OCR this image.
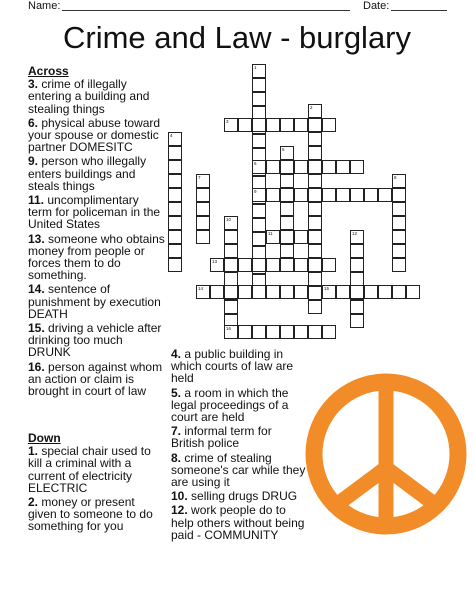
Name:	Date:
Crime and Law - burglary
1
2
3
4
5
6
7	8
9
10
11	12
13
14	15
16
Across
3. crime of illegally entering a building and stealing things
6. physical abuse toward your spouse or domestic partner DOMESITC
9. person who illegally enters buildings and steals things
11. uncomplimentary term for policeman in the United States
13. someone who obtains money from people or forces them to do something.
14. sentence of punishment by execution DEATH
15. driving a vehicle after drinking too much DRUNK
16. person against whom an action or claim is brought in court of law
Down
1. special chair used to kill a criminal with a current of electricity ELECTRIC
2. money or present given to someone to do something for you
4. a public building in which courts of law are held
5. a room in which the legal proceedings of a court are held
7. informal term for British police
8. crime of stealing someone's car while they are using it
10. selling drugs DRUG
12. work people do to help others without being paid - COMMUNITY
